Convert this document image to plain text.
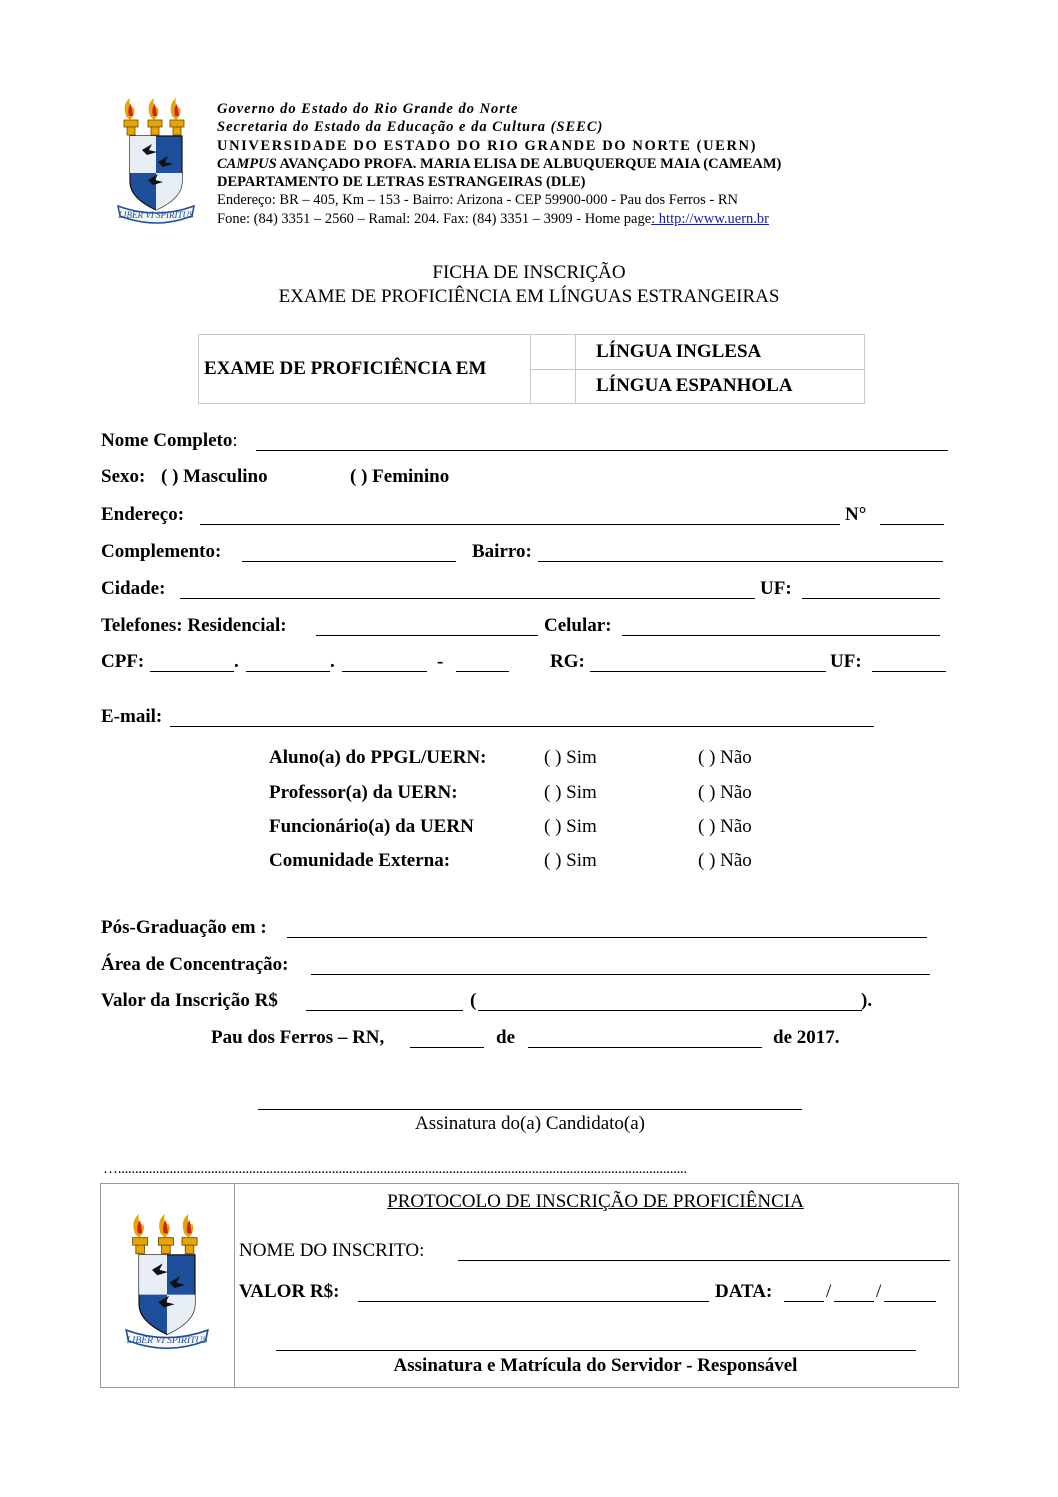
LIBER VI SPIRITUS
Governo do Estado do Rio Grande do Norte
Secretaria do Estado da Educação e da Cultura (SEEC)
UNIVERSIDADE DO ESTADO DO RIO GRANDE DO NORTE (UERN)
CAMPUS AVANÇADO PROFA. MARIA ELISA DE ALBUQUERQUE MAIA (CAMEAM)
DEPARTAMENTO DE LETRAS ESTRANGEIRAS (DLE)
Endereço: BR – 405, Km – 153 - Bairro: Arizona - CEP 59900-000 - Pau dos Ferros - RN
Fone: (84) 3351 – 2560 – Ramal: 204. Fax: (84) 3351 – 3909 - Home page: http://www.uern.br
FICHA DE INSCRIÇÃO
EXAME DE PROFICIÊNCIA EM LÍNGUAS ESTRANGEIRAS
EXAME DE PROFICIÊNCIA EM		LÍNGUA INGLESA
		LÍNGUA ESPANHOLA
Nome Completo:
Sexo: ( ) Masculino	( ) Feminino
Endereço:	N°
Complemento:	Bairro:
Cidade:	UF:
Telefones: Residencial:	Celular:
CPF:	.	.	-	RG:	UF:
E-mail:
Aluno(a) do PPGL/UERN:	( ) Sim	( ) Não
Professor(a) da UERN:	( ) Sim	( ) Não
Funcionário(a) da UERN	( ) Sim	( ) Não
Comunidade Externa:	( ) Sim	( ) Não
Pós-Graduação em :
Área de Concentração:
Valor da Inscrição R$	(	).
Pau dos Ferros – RN,	de	de 2017.
Assinatura do(a) Candidato(a)
….....................................................................................................................................................................
LIBER VI SPIRITUS
PROTOCOLO DE INSCRIÇÃO DE PROFICIÊNCIA
NOME DO INSCRITO:
VALOR R$:	DATA:	/ /
Assinatura e Matrícula do Servidor - Responsável
